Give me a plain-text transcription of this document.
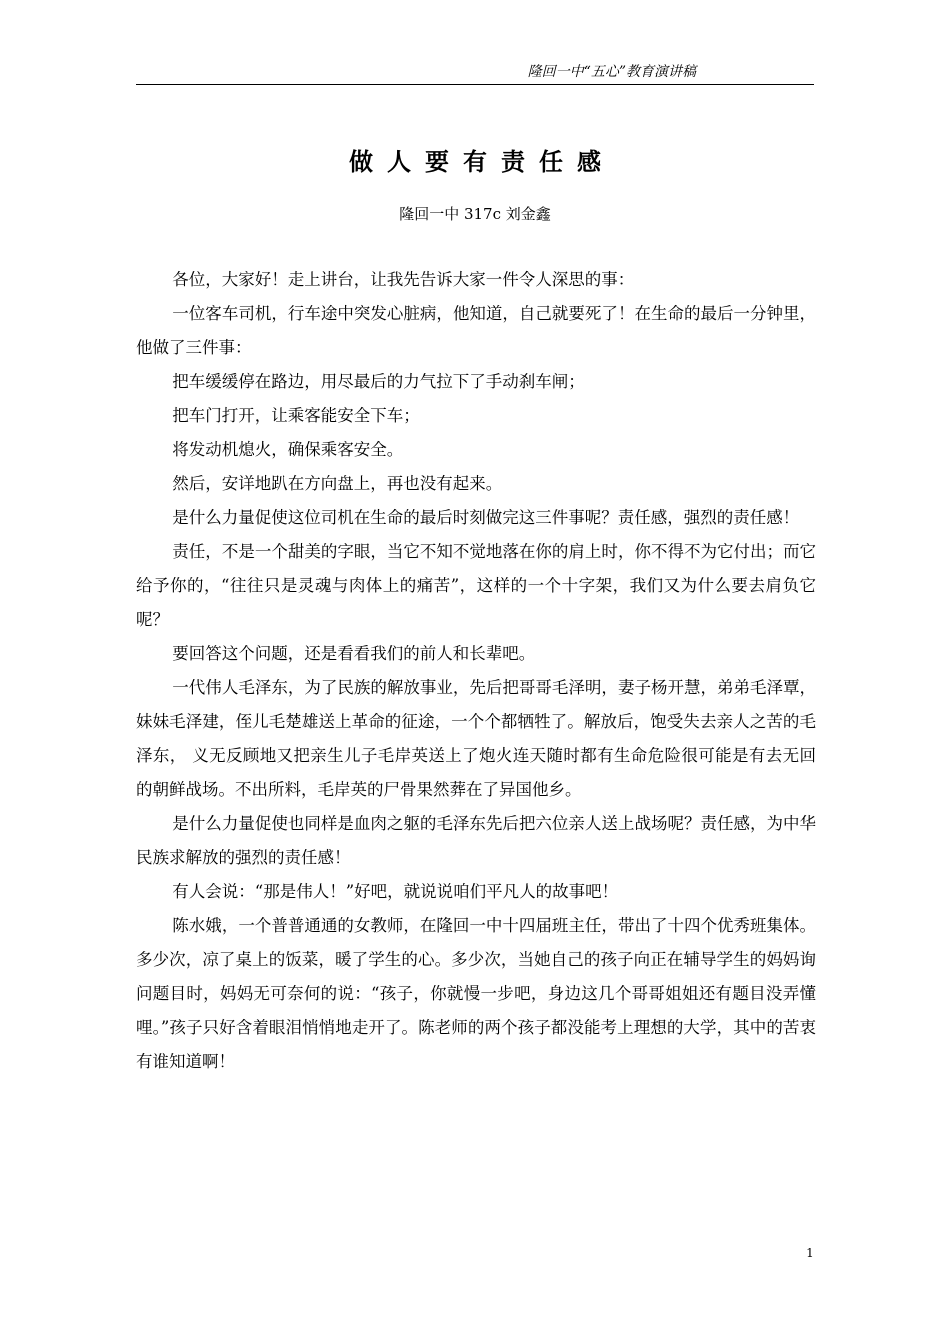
隆回一中“五心”教育演讲稿
做人要有责任感
隆回一中 317c 刘金鑫

各位，大家好！走上讲台，让我先告诉大家一件令人深思的事：

一位客车司机，行车途中突发心脏病，他知道，自己就要死了！在生命的最后一分钟里，他做了三件事：

把车缓缓停在路边，用尽最后的力气拉下了手动刹车闸；

把车门打开，让乘客能安全下车；

将发动机熄火，确保乘客安全。

然后，安详地趴在方向盘上，再也没有起来。

是什么力量促使这位司机在生命的最后时刻做完这三件事呢？责任感，强烈的责任感！

责任，不是一个甜美的字眼，当它不知不觉地落在你的肩上时，你不得不为它付出；而它给予你的，“往往只是灵魂与肉体上的痛苦”，这样的一个十字架，我们又为什么要去肩负它呢？

要回答这个问题，还是看看我们的前人和长辈吧。

一代伟人毛泽东，为了民族的解放事业，先后把哥哥毛泽明，妻子杨开慧，弟弟毛泽覃，妹妹毛泽建，侄儿毛楚雄送上革命的征途，一个个都牺牲了。解放后，饱受失去亲人之苦的毛泽东， 义无反顾地又把亲生儿子毛岸英送上了炮火连天随时都有生命危险很可能是有去无回的朝鲜战场。不出所料，毛岸英的尸骨果然葬在了异国他乡。

是什么力量促使也同样是血肉之躯的毛泽东先后把六位亲人送上战场呢？责任感，为中华民族求解放的强烈的责任感！

有人会说：“那是伟人！”好吧，就说说咱们平凡人的故事吧！

陈水娥，一个普普通通的女教师，在隆回一中十四届班主任，带出了十四个优秀班集体。多少次，凉了桌上的饭菜，暖了学生的心。多少次，当她自己的孩子向正在辅导学生的妈妈询问题目时，妈妈无可奈何的说：“孩子，你就慢一步吧，身边这几个哥哥姐姐还有题目没弄懂哩。”孩子只好含着眼泪悄悄地走开了。陈老师的两个孩子都没能考上理想的大学，其中的苦衷有谁知道啊！

1
